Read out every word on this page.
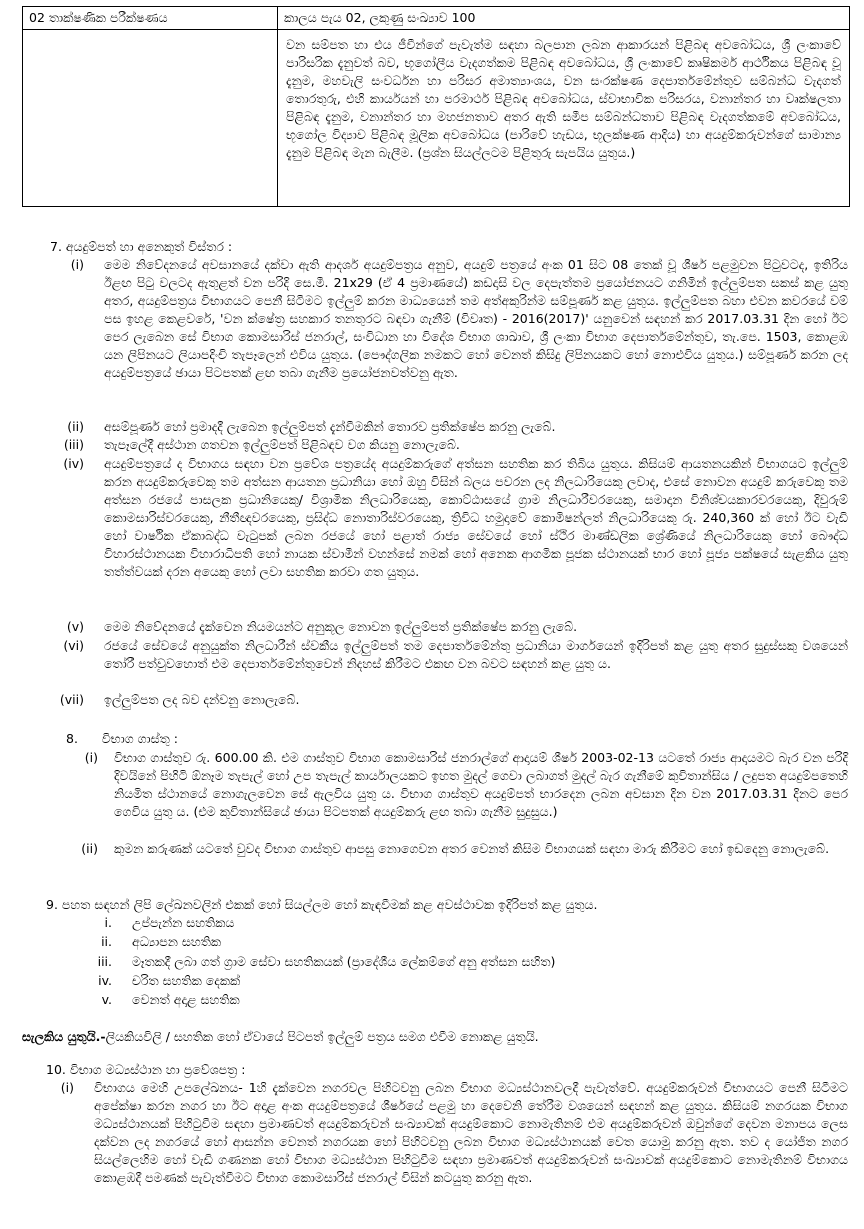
02 තාක්ෂණික පරීක්ෂණය	කාලය පැය 02, ලකුණු සංඛ්‍යාව 100
	වන සම්පත හා එය ජීවීන්ගේ පැවැත්ම සඳහා බලපාන ලබන ආකාරයන් පිළිබඳ අවබෝධය, ශ්‍රී ලංකාවේ පාරිසරික දැනුවත් බව, භූගෝලීය වැදගත්කම පිළිබඳ අවබෝධය, ශ්‍රී ලංකාවේ කෘෂිකර්ම ආර්ථිකය පිළිබඳ වූ දැනුම, මහවැලි සංවර්ධන හා පරිසර අමාත්‍යාංශය, වන සංරක්ෂණ දෙපාර්තමේන්තුව සම්බන්ධ වැදගත් තොරතුරු, එහි කාර්යයන් හා පරමාර්ථ පිළිබඳ අවබෝධය, ස්වාභාවික පරිසරය, වනාන්තර හා වෘක්ෂලතා පිළිබඳ දැනුම, වනාන්තර හා මහජනතාව අතර ඇති සමීප සම්බන්ධතාව පිළිබඳ වැදගත්කමේ අවබෝධය, භූගෝල විද්‍යාව පිළිබඳ මූලික අවබෝධය (පාරිවේ හැඩය, භූලක්ෂණ ආදිය) හා අයදුම්කරුවන්ගේ සාමාන්‍ය දැනුම පිළිබඳ මැන බැලීම. (ප්‍රශ්න සියල්ලටම පිළිතුරු සැපයිය යුතුය.)
7. අයදුම්පත් හා අනෙකුත් විස්තර :
(i) මෙම නිවේදනයේ අවසානයේ දක්වා ඇති ආදර්ශ අයදුම්පත්‍රය අනුව, අයදුම් පත්‍රයේ අංක 01 සිට 08 තෙක් වූ ශීර්ෂ පළමුවන පිටුවටද, ඉතිරිය ඊළඟ පිටු වලටද ඇතුළත් වන පරිදි සෙ.මී. 21x29 (ඒ 4 ප්‍රමාණයේ) කඩදාසි වල දෙපැත්තම ප්‍රයෝජනයට ගනිමින් ඉල්ලුම්පත සකස් කළ යුතු අතර, අයදුම්පත්‍රය විභාගයට පෙනී සිටීමට ඉල්ලුම් කරන මාධ්‍යයෙන් තම අත්අකුරින්ම සම්පූර්ණ කළ යුතුය. ඉල්ලුම්පත බහා එවන කවරයේ වම් පස ඉහළ කෙළවරේ, 'වන ක්ෂේත්‍ර සහකාර තනතුරට බඳවා ගැනීම් (විවෘත) - 2016(2017)' යනුවෙන් සඳහන් කර 2017.03.31 දින හෝ ඊට පෙර ලැබෙන සේ විභාග කොමසාරිස් ජනරාල්, සංවිධාන හා විදේශ විභාග ශාඛාව, ශ්‍රී ලංකා විභාග දෙපාර්තමේන්තුව, තැ.පෙ. 1503, කොළඹ යන ලිපිනයට ලියාපදිංචි තැපෑලෙන් එවිය යුතුය. (පෞද්ගලික නමකට හෝ වෙනත් කිසිදු ලිපිනයකට හෝ නොඑවිය යුතුය.) සම්පූර්ණ කරන ලද අයදුම්පත්‍රයේ ඡායා පිටපතක් ළඟ තබා ගැනීම ප්‍රයෝජනවත්වනු ඇත.
(ii) අසම්පූර්ණ හෝ ප්‍රමාදදී ලැබෙන ඉල්ලුම්පත් දැන්වීමකින් තොරව ප්‍රතික්ෂේප කරනු ලැබේ.
(iii) තැපෑලේදී අස්ථාන ගතවන ඉල්ලුම්පත් පිළිබඳව වග කියනු නොලැබේ.
(iv) අයදුම්පත්‍රයේ ද විභාගය සඳහා වන ප්‍රවේශ පත්‍රයේද අයදුම්කරුගේ අත්සන සහතික කර තිබිය යුතුය. කිසියම් ආයතනයකින් විභාගයට ඉල්ලුම් කරන අයදුම්කරුවෙකු තම අත්සන ආයතන ප්‍රධානියා හෝ ඔහු විසින් බලය පවරන ලද නිලධාරියෙකු ලවාද, එසේ නොවන අයදුම් කරුවෙකු තම අත්සන රජයේ පාසලක ප්‍රධානියෙකු/ විශ්‍රාමික නිලධාරියෙකු, කොට්ඨාසයේ ග්‍රාම නිලධාරීවරයෙකු, සමාදාන විනිශ්චයකාරවරයෙකු, දිවුරුම් කොමසාරිස්වරයෙකු, නීතීඥවරයෙකු, ප්‍රසිද්ධ නොතාරිස්වරයෙකු, ත්‍රිවිධ හමුදාවේ කොමිෂන්ලත් නිලධාරියෙකු රු. 240,360 ක් හෝ ඊට වැඩි හෝ වාර්ෂික ඒකාබද්ධ වැටුපක් ලබන රජයේ හෝ පළාත් රාජ්‍ය සේවයේ හෝ ස්ථිර මාණ්ඩලික ශ්‍රේණියේ නිලධාරියෙකු හෝ බෞද්ධ විහාරස්ථානයක විහාරාධිපති හෝ නායක ස්වාමීන් වහන්සේ නමක් හෝ අනෙක ආගමික පූජක ස්ථානයක් භාර හෝ පූජ්‍ය පක්ෂයේ සැළකිය යුතු තත්ත්වයක් දරන අයෙකු හෝ ලවා සහතික කරවා ගත යුතුය.
(v) මෙම නිවේදනයේ දැක්වෙන නියමයන්ට අනුකූල නොවන ඉල්ලුම්පත් ප්‍රතික්ෂේප කරනු ලැබේ.
(vi) රජයේ සේවයේ අනුයුක්ත නිලධාරීන් ස්වකීය ඉල්ලුම්පත් තම දෙපාර්තමේන්තු ප්‍රධානියා මාර්ගයෙන් ඉදිරිපත් කළ යුතු අතර සුදුස්සකු වශයෙන් තෝරී පත්වුවහොත් එම දෙපාර්තමේන්තුවෙන් නිදහස් කිරීමට එකඟ වන බවට සඳහන් කළ යුතු ය.
(vii) ඉල්ලුම්පත ලද බව දන්වනු නොලැබේ.
8.      විභාග ගාස්තු :
(i) විභාග ගාස්තුව රු. 600.00 කි. එම ගාස්තුව විභාග කොමසාරිස් ජනරාල්ගේ ආදායම් ශීර්ෂ 2003-02-13 යටතේ රාජ්‍ය ආදායමට බැර වන පරිදි දිවයිනේ පිහිටි ඕනෑම තැපැල් හෝ උප තැපැල් කාර්යාලයකට ඉහත මුදල් ගෙවා ලබාගත් මුදල් බැර ගැනීමේ කුවිතාන්සිය / ලදුපත අයදුම්පතෙහි නියමිත ස්ථානයේ නොගැලවෙන සේ ඇලවිය යුතු ය. විභාග ගාස්තුව අයදුම්පත් භාරදෙන ලබන අවසාන දින වන 2017.03.31 දිනට පෙර ගෙවිය යුතු ය. (එම කුවිතාන්සියේ ඡායා පිටපතක් අයදුම්කරු ළඟ තබා ගැනීම සුදුසුය.)
(ii) කුමන කරුණක් යටතේ වුවද විභාග ගාස්තුව ආපසු නොගෙවන අතර වෙනත් කිසිම විභාගයක් සඳහා මාරු කිරීමට හෝ ඉඩදෙනු නොලැබේ.
9. පහත සඳහන් ලිපි ලේඛනවලින් එකක් හෝ සියල්ලම හෝ කැඳවීමක් කළ අවස්ථාවක ඉදිරිපත් කළ යුතුය.
i. උප්පැන්න සහතිකය
ii. අධ්‍යාපන සහතික
iii. මෑතකදී ලබා ගත් ග්‍රාම සේවා සහතිකයක් (ප්‍රාදේශීය ලේකම්ගේ අනු අත්සන සහිත)
iv. චරිත සහතික දෙකක්
v. වෙනත් අදාළ සහතික
සැලකිය යුතුයි.-ලියකියවිලි / සහතික හෝ ඒවායේ පිටපත් ඉල්ලුම් පත්‍රය සමග එවීම නොකළ යුතුයි.
10. විභාග මධ්‍යස්ථාන හා ප්‍රවේශපත්‍ර :
(i) විභාගය මෙහි උපලේඛනය- 1හි දැක්වෙන නගරවල පිහිටවනු ලබන විභාග මධ්‍යස්ථානවලදී පැවැත්වේ. අයදුම්කරුවන් විභාගයට පෙනී සිටීමට අපේක්ෂා කරන නගර හා ඊට අදාළ අංක අයදුම්පත්‍රයේ ශීර්ෂයේ පළමු හා දෙවෙනි තේරීම වශයෙන් සඳහන් කළ යුතුය. කිසියම් නගරයක විභාග මධ්‍යස්ථානයක් පිහිටුවීම සඳහා ප්‍රමාණවත් අයදුම්කරුවන් සංඛ්‍යාවක් අයදුම්කොට නොමැතිනම් එම අයදුම්කරුවන් ඔවුන්ගේ දෙවන මනාපය ලෙස දක්වන ලද නගරයේ හෝ ආසන්න වෙනත් නගරයක හෝ පිහිටවනු ලබන විභාග මධ්‍යස්ථානයක් වෙත යොමු කරනු ඇත. තව ද යෝජිත නගර සියල්ලෙහිම හෝ වැඩි ගණනක හෝ විභාග මධ්‍යස්ථාන පිහිටුවීම සඳහා ප්‍රමාණවත් අයදුම්කරුවන් සංඛ්‍යාවක් අයදුම්කොට නොමැතිනම් විභාගය කොළඹදී පමණක් පැවැත්වීමට විභාග කොමසාරිස් ජනරාල් විසින් කටයුතු කරනු ඇත.
